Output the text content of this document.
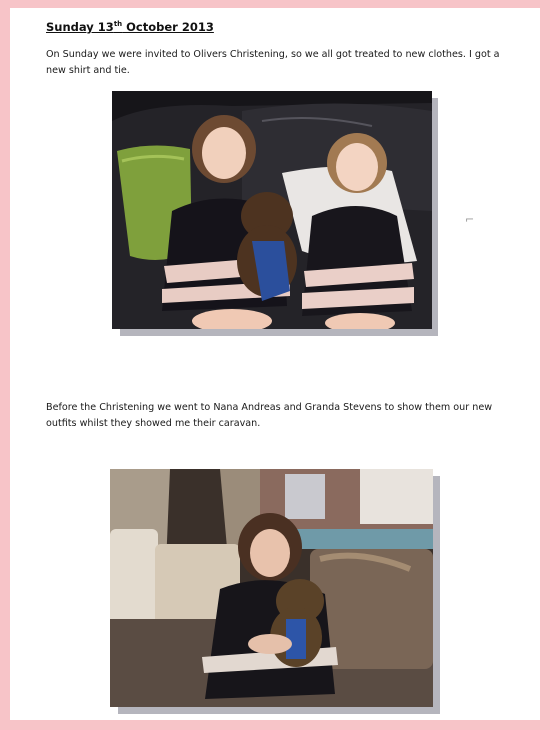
Sunday 13th October 2013
On Sunday we were invited to Olivers Christening, so we all got treated to new clothes. I got a new shirt and tie.
⌐
Before the Christening we went to Nana Andreas and Granda Stevens to show them our new outfits whilst they showed me their caravan.
